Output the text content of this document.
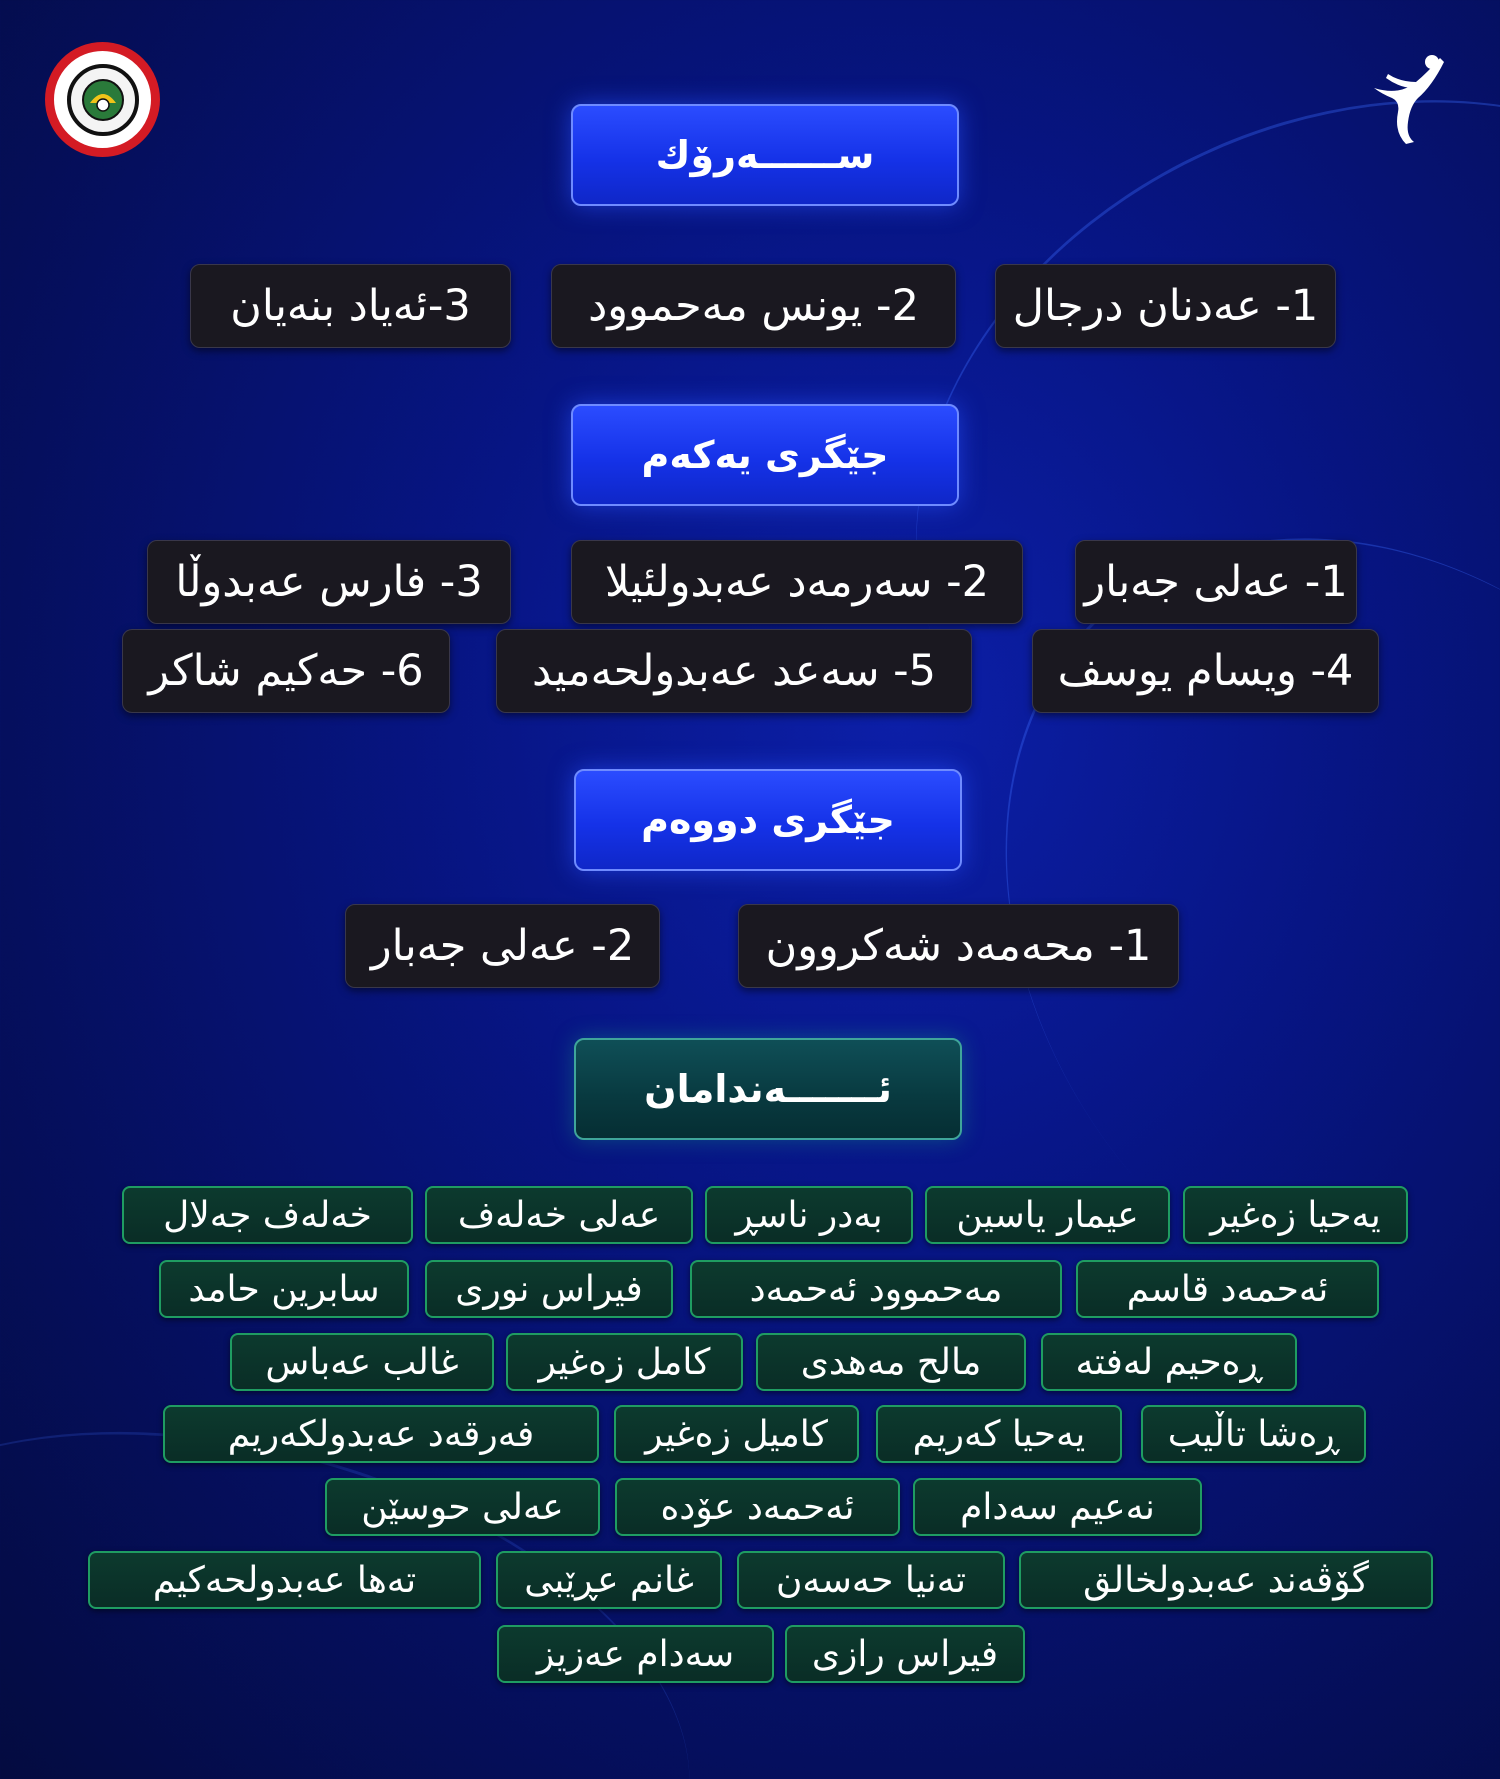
ســــــەرۆك
1- عەدنان درجال
2- یونس مەحموود
3-ئەیاد بنەیان
جێگری یەکەم
1- عەلی جەبار
2- سەرمەد عەبدولئیلا
3- فارس عەبدوڵا
4- ویسام یوسف
5- سەعد عەبدولحەمید
6- حەکیم شاکر
جێگری دووەم
1- محەمەد شەکروون
2- عەلی جەبار
ئـــــــەندامان
یەحیا زەغیر
عیمار یاسین
بەدر ناسڕ
عەلی خەلەف
خەلەف جەلال
ئەحمەد قاسم
مەحموود ئەحمەد
فیراس نوری
سابرین حامد
ڕەحیم لەفتە
مالح مەهدی
کامل زەغیر
غالب عەباس
ڕەشا تاڵیب
یەحیا کەریم
کامیل زەغیر
فەرقەد عەبدولکەریم
نەعیم سەدام
ئەحمەد عۆدە
عەلی حوسێن
گۆڤەند عەبدولخالق
تەنیا حەسەن
غانم عڕێبی
تەها عەبدولحەکیم
فیراس رازی
سەدام عەزیز
